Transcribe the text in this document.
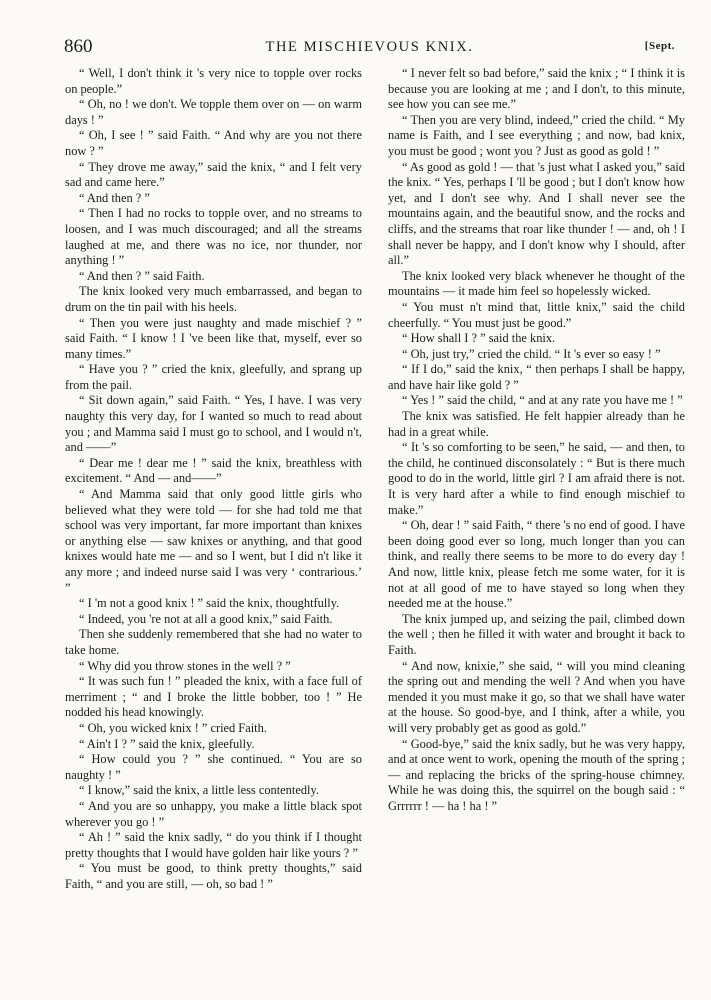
860	THE MISCHIEVOUS KNIX.	[Sept.

“ Well, I don't think it 's very nice to topple over rocks on people.”

“ Oh, no ! we don't. We topple them over on — on warm days ! ”

“ Oh, I see ! ” said Faith. “ And why are you not there now ? ”

“ They drove me away,” said the knix, “ and I felt very sad and came here.”

“ And then ? ”

“ Then I had no rocks to topple over, and no streams to loosen, and I was much discouraged; and all the streams laughed at me, and there was no ice, nor thunder, nor anything ! ”

“ And then ? ” said Faith.

The knix looked very much embarrassed, and began to drum on the tin pail with his heels.

“ Then you were just naughty and made mischief ? ” said Faith. “ I know ! I 've been like that, myself, ever so many times.”

“ Have you ? ” cried the knix, gleefully, and sprang up from the pail.

“ Sit down again,” said Faith. “ Yes, I have. I was very naughty this very day, for I wanted so much to read about you ; and Mamma said I must go to school, and I would n't, and ——”

“ Dear me ! dear me ! ” said the knix, breathless with excitement. “ And — and——”

“ And Mamma said that only good little girls who believed what they were told — for she had told me that school was very important, far more important than knixes or anything else — saw knixes or anything, and that good knixes would hate me — and so I went, but I did n't like it any more ; and indeed nurse said I was very ‘ contrarious.’ ”

“ I 'm not a good knix ! ” said the knix, thoughtfully.

“ Indeed, you 're not at all a good knix,” said Faith.

Then she suddenly remembered that she had no water to take home.

“ Why did you throw stones in the well ? ”

“ It was such fun ! ” pleaded the knix, with a face full of merriment ; “ and I broke the little bobber, too ! ” He nodded his head knowingly.

“ Oh, you wicked knix ! ” cried Faith.

“ Ain't I ? ” said the knix, gleefully.

“ How could you ? ” she continued. “ You are so naughty ! ”

“ I know,” said the knix, a little less contentedly.

“ And you are so unhappy, you make a little black spot wherever you go ! ”

“ Ah ! ” said the knix sadly, “ do you think if I thought pretty thoughts that I would have golden hair like yours ? ”

“ You must be good, to think pretty thoughts,” said Faith, “ and you are still, — oh, so bad ! ”

“ I never felt so bad before,” said the knix ; “ I think it is because you are looking at me ; and I don't, to this minute, see how you can see me.”

“ Then you are very blind, indeed,” cried the child. “ My name is Faith, and I see everything ; and now, bad knix, you must be good ; wont you ? Just as good as gold ! ”

“ As good as gold ! — that 's just what I asked you,” said the knix. “ Yes, perhaps I 'll be good ; but I don't know how yet, and I don't see why. And I shall never see the mountains again, and the beautiful snow, and the rocks and cliffs, and the streams that roar like thunder ! — and, oh ! I shall never be happy, and I don't know why I should, after all.”

The knix looked very black whenever he thought of the mountains — it made him feel so hopelessly wicked.

“ You must n't mind that, little knix,” said the child cheerfully. “ You must just be good.”

“ How shall I ? ” said the knix.

“ Oh, just try,” cried the child. “ It 's ever so easy ! ”

“ If I do,” said the knix, “ then perhaps I shall be happy, and have hair like gold ? ”

“ Yes ! ” said the child, “ and at any rate you have me ! ”

The knix was satisfied. He felt happier already than he had in a great while.

“ It 's so comforting to be seen,” he said, — and then, to the child, he continued disconsolately : “ But is there much good to do in the world, little girl ? I am afraid there is not. It is very hard after a while to find enough mischief to make.”

“ Oh, dear ! ” said Faith, “ there 's no end of good. I have been doing good ever so long, much longer than you can think, and really there seems to be more to do every day ! And now, little knix, please fetch me some water, for it is not at all good of me to have stayed so long when they needed me at the house.”

The knix jumped up, and seizing the pail, climbed down the well ; then he filled it with water and brought it back to Faith.

“ And now, knixie,” she said, “ will you mind cleaning the spring out and mending the well ? And when you have mended it you must make it go, so that we shall have water at the house. So good-bye, and I think, after a while, you will very probably get as good as gold.”

“ Good-bye,” said the knix sadly, but he was very happy, and at once went to work, opening the mouth of the spring ; — and replacing the bricks of the spring-house chimney. While he was doing this, the squirrel on the bough said : “ Grrrrrr ! — ha ! ha ! ”
